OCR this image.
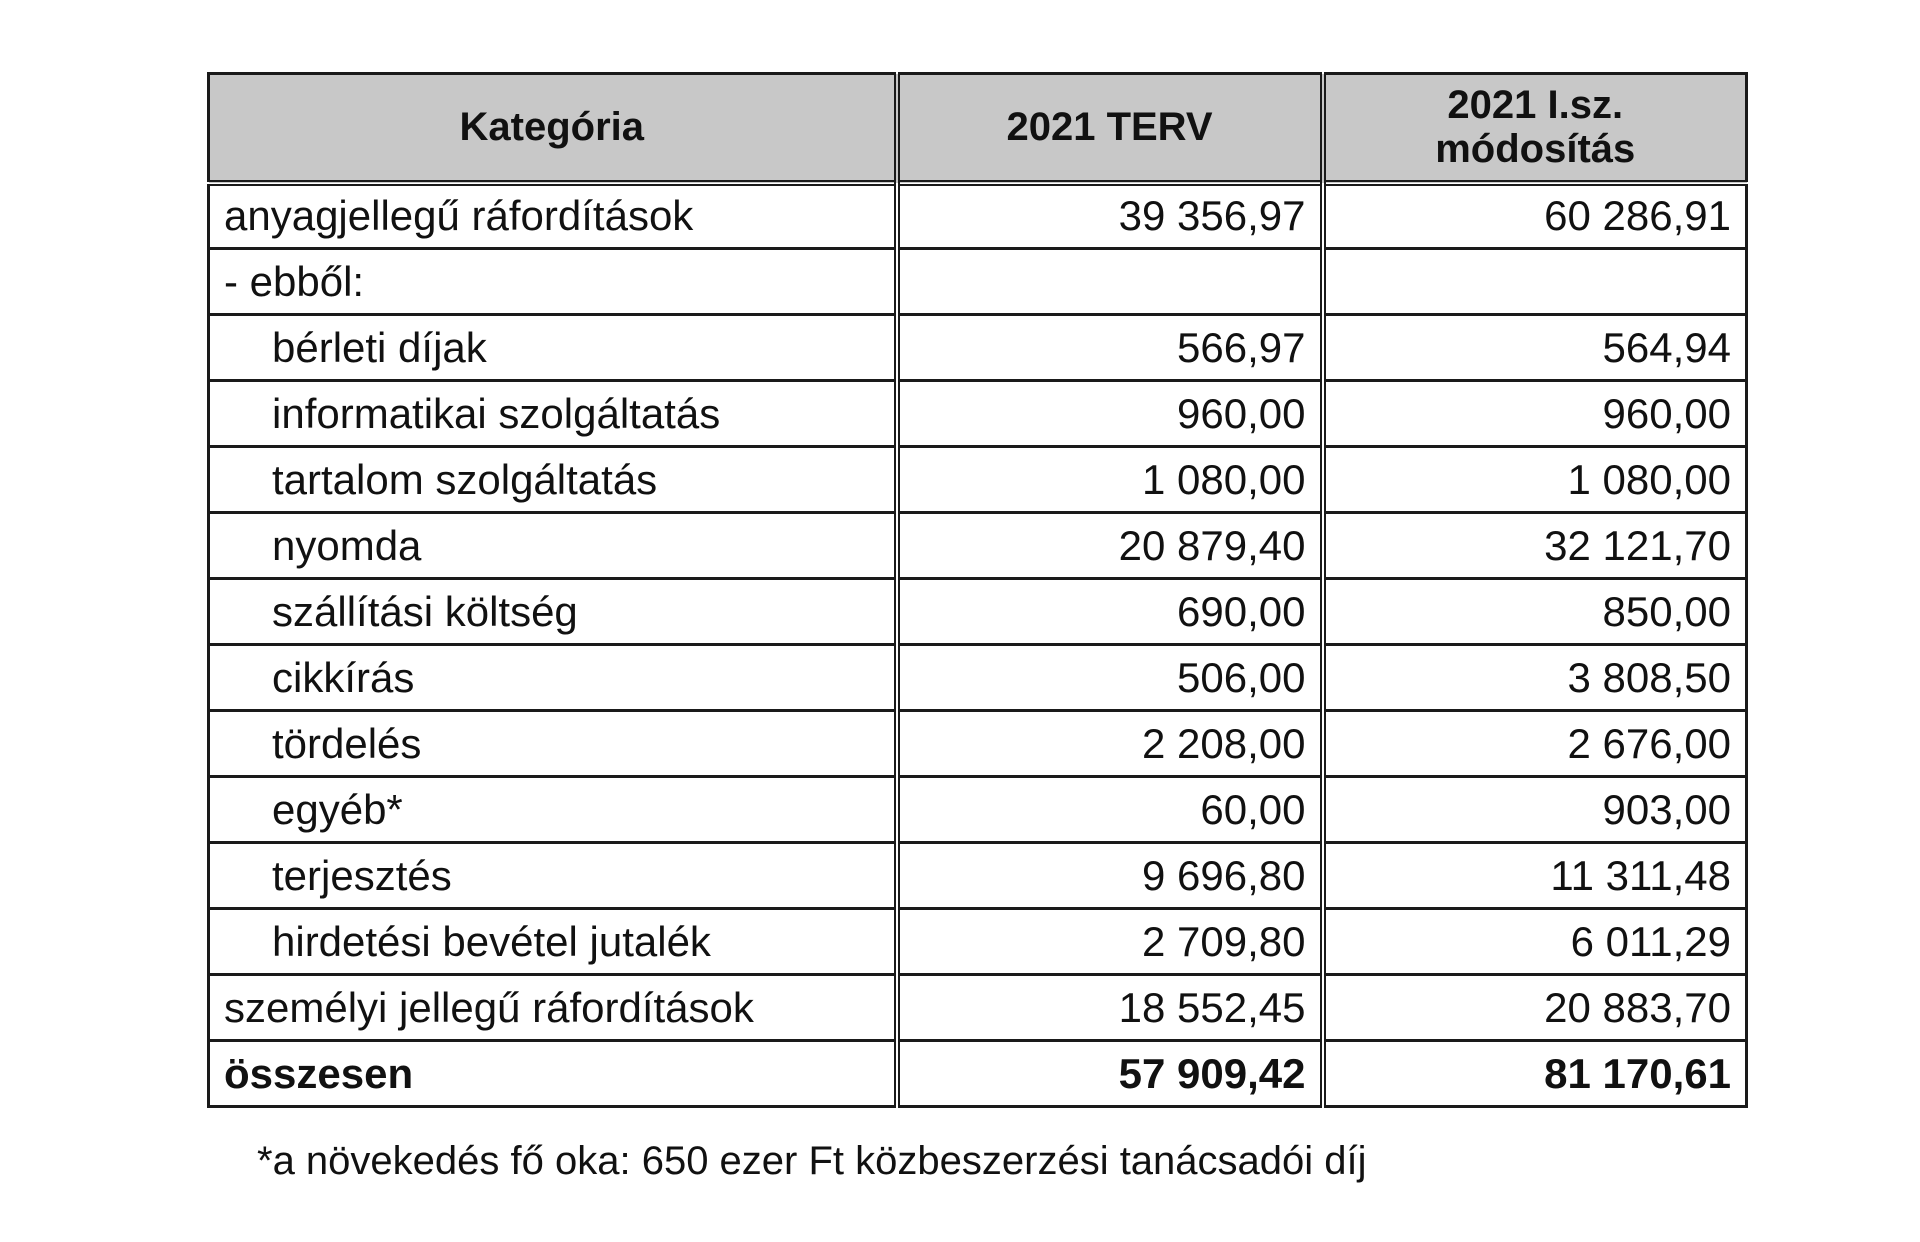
Kategória	2021 TERV	2021 I.sz.
módosítás
anyagjellegű ráfordítások	39 356,97	60 286,91
- ebből:		
bérleti díjak	566,97	564,94
informatikai szolgáltatás	960,00	960,00
tartalom szolgáltatás	1 080,00	1 080,00
nyomda	20 879,40	32 121,70
szállítási költség	690,00	850,00
cikkírás	506,00	3 808,50
tördelés	2 208,00	2 676,00
egyéb*	60,00	903,00
terjesztés	9 696,80	11 311,48
hirdetési bevétel jutalék	2 709,80	6 011,29
személyi jellegű ráfordítások	18 552,45	20 883,70
összesen	57 909,42	81 170,61
*a növekedés fő oka: 650 ezer Ft közbeszerzési tanácsadói díj
